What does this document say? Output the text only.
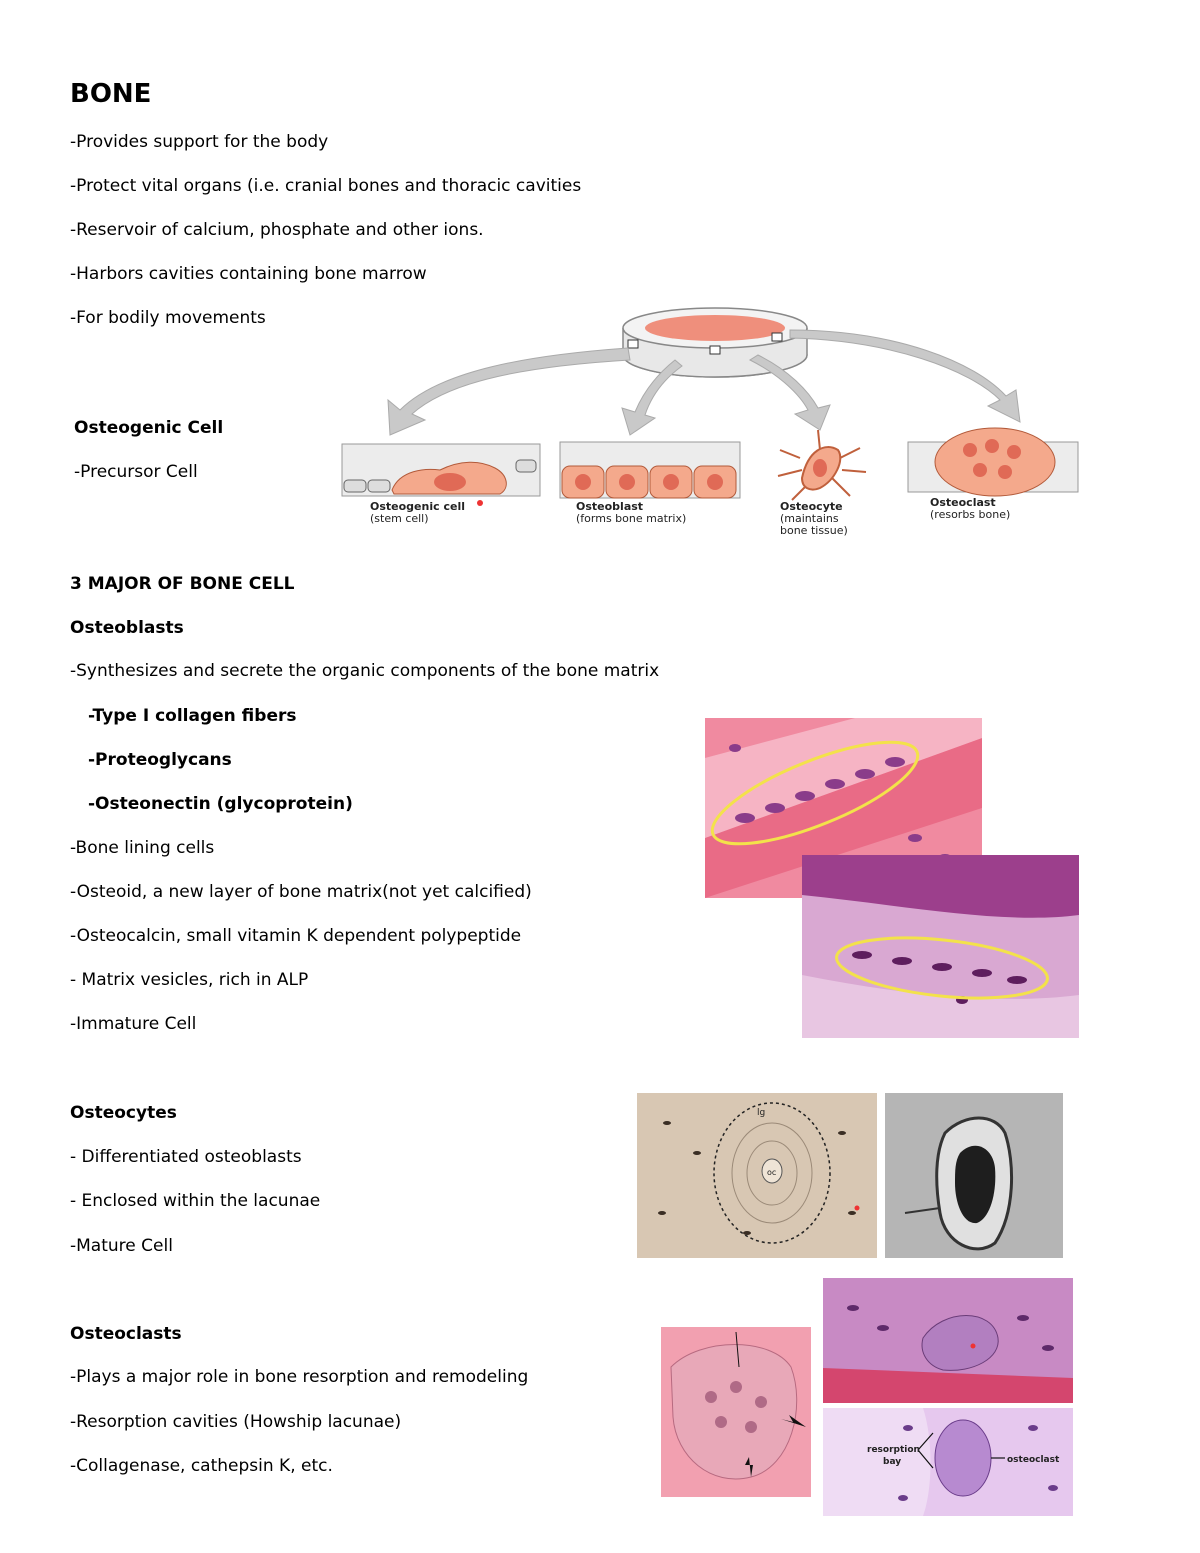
BONE
-Provides support for the body
-Protect vital organs (i.e. cranial bones and thoracic cavities
-Reservoir of calcium, phosphate and other ions.
-Harbors cavities containing bone marrow
-For bodily movements
Osteogenic Cell
-Precursor Cell
Osteogenic cell
(stem cell)
Osteoblast
(forms bone matrix)
Osteocyte
(maintains
bone tissue)
Osteoclast
(resorbs bone)
3 MAJOR OF BONE CELL
Osteoblasts
-Synthesizes and secrete the organic components of the bone matrix
-Type I collagen fibers
-Proteoglycans
-Osteonectin (glycoprotein)
-Bone lining cells
-Osteoid, a new layer of bone matrix(not yet calcified)
-Osteocalcin, small vitamin K dependent polypeptide
- Matrix vesicles, rich in ALP
-Immature Cell
Osteocytes
- Differentiated osteoblasts
- Enclosed within the lacunae
-Mature Cell
lg
oc
Osteoclasts
-Plays a major role in bone resorption and remodeling
-Resorption cavities (Howship lacunae)
-Collagenase, cathepsin K, etc.
resorption
bay	osteoclast
